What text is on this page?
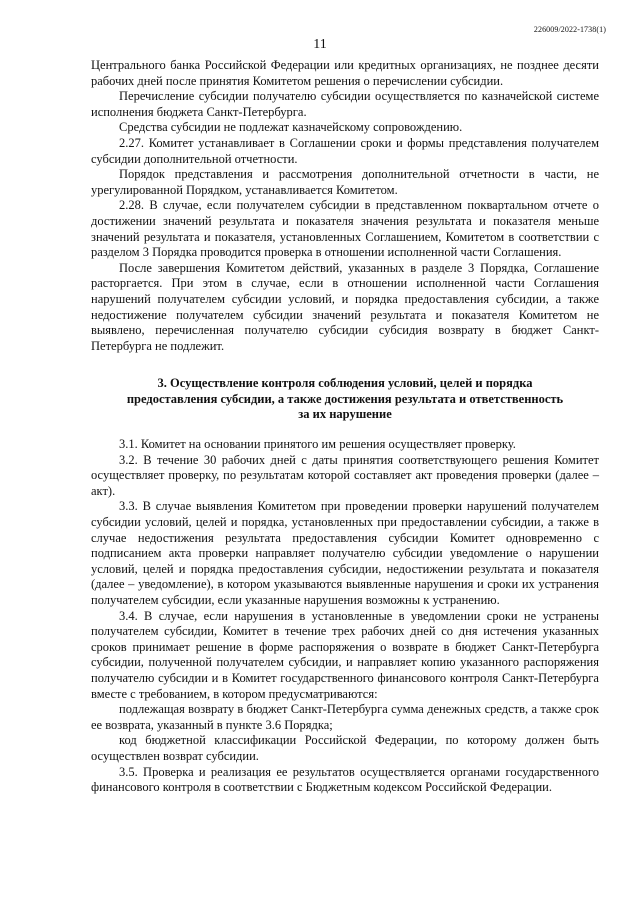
226009/2022-1738(1)
11

Центрального банка Российской Федерации или кредитных организациях, не позднее десяти рабочих дней после принятия Комитетом решения о перечислении субсидии.

Перечисление субсидии получателю субсидии осуществляется по казначейской системе исполнения бюджета Санкт-Петербурга.

Средства субсидии не подлежат казначейскому сопровождению.

2.27. Комитет устанавливает в Соглашении сроки и формы представления получателем субсидии дополнительной отчетности.

Порядок представления и рассмотрения дополнительной отчетности в части, не урегулированной Порядком, устанавливается Комитетом.

2.28. В случае, если получателем субсидии в представленном поквартальном отчете о достижении значений результата и показателя значения результата и показателя меньше значений результата и показателя, установленных Соглашением, Комитетом в соответствии с разделом 3 Порядка проводится проверка в отношении исполненной части Соглашения.

После завершения Комитетом действий, указанных в разделе 3 Порядка, Соглашение расторгается. При этом в случае, если в отношении исполненной части Соглашения нарушений получателем субсидии условий, и порядка предоставления субсидии, а также недостижение получателем субсидии значений результата и показателя Комитетом не выявлено, перечисленная получателю субсидии субсидия возврату в бюджет Санкт-Петербурга не подлежит.

3. Осуществление контроля соблюдения условий, целей и порядка
предоставления субсидии, а также достижения результата и ответственность
за их нарушение

3.1. Комитет на основании принятого им решения осуществляет проверку.

3.2. В течение 30 рабочих дней с даты принятия соответствующего решения Комитет осуществляет проверку, по результатам которой составляет акт проведения проверки (далее – акт).

3.3. В случае выявления Комитетом при проведении проверки нарушений получателем субсидии условий, целей и порядка, установленных при предоставлении субсидии, а также в случае недостижения результата предоставления субсидии Комитет одновременно с подписанием акта проверки направляет получателю субсидии уведомление о нарушении условий, целей и порядка предоставления субсидии, недостижении результата и показателя (далее – уведомление), в котором указываются выявленные нарушения и сроки их устранения получателем субсидии, если указанные нарушения возможны к устранению.

3.4. В случае, если нарушения в установленные в уведомлении сроки не устранены получателем субсидии, Комитет в течение трех рабочих дней со дня истечения указанных сроков принимает решение в форме распоряжения о возврате в бюджет Санкт-Петербурга субсидии, полученной получателем субсидии, и направляет копию указанного распоряжения получателю субсидии и в Комитет государственного финансового контроля Санкт-Петербурга вместе с требованием, в котором предусматриваются:

подлежащая возврату в бюджет Санкт-Петербурга сумма денежных средств, а также срок ее возврата, указанный в пункте 3.6 Порядка;

код бюджетной классификации Российской Федерации, по которому должен быть осуществлен возврат субсидии.

3.5. Проверка и реализация ее результатов осуществляется органами государственного финансового контроля в соответствии с Бюджетным кодексом Российской Федерации.
